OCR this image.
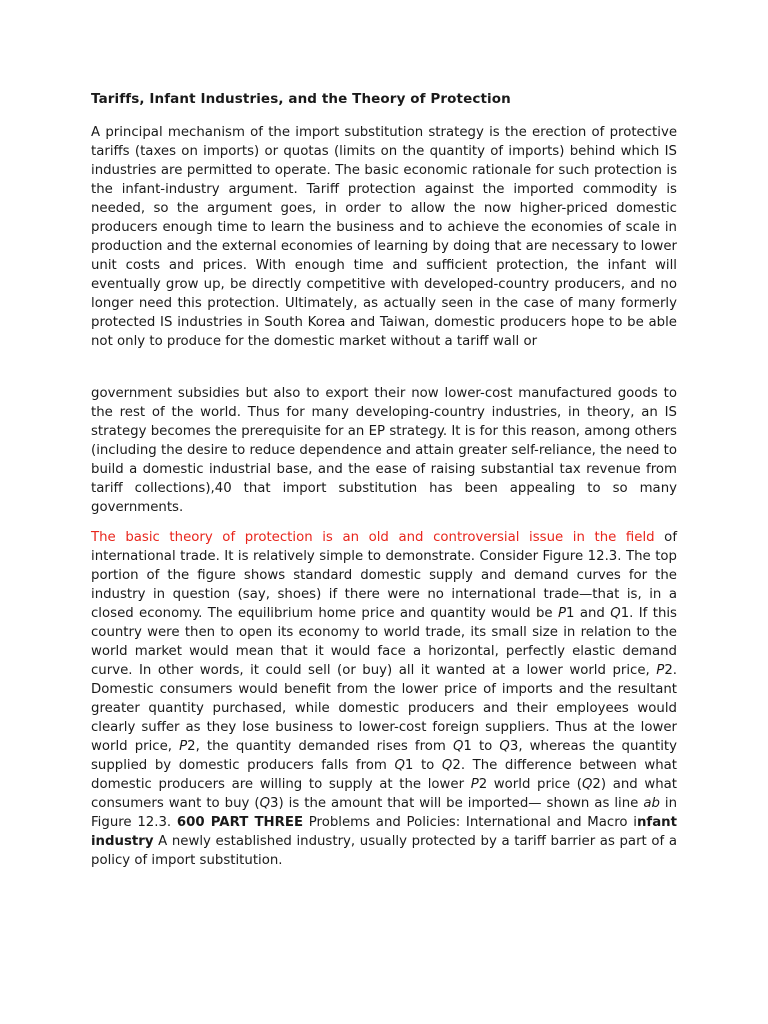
Tariffs, Infant Industries, and the Theory of Protection

A principal mechanism of the import substitution strategy is the erection of protective tariffs (taxes on imports) or quotas (limits on the quantity of imports) behind which IS industries are permitted to operate. The basic economic rationale for such protection is the infant-industry argument. Tariff protection against the imported commodity is needed, so the argument goes, in order to allow the now higher-priced domestic producers enough time to learn the business and to achieve the economies of scale in production and the external economies of learning by doing that are necessary to lower unit costs and prices. With enough time and sufficient protection, the infant will eventually grow up, be directly competitive with developed-country producers, and no longer need this protection. Ultimately, as actually seen in the case of many formerly protected IS industries in South Korea and Taiwan, domestic producers hope to be able not only to produce for the domestic market without a tariff wall or

government subsidies but also to export their now lower-cost manufactured goods to the rest of the world. Thus for many developing-country industries, in theory, an IS strategy becomes the prerequisite for an EP strategy. It is for this reason, among others (including the desire to reduce dependence and attain greater self-reliance, the need to build a domestic industrial base, and the ease of raising substantial tax revenue from tariff collections),40 that import substitution has been appealing to so many governments.

The basic theory of protection is an old and controversial issue in the field of international trade. It is relatively simple to demonstrate. Consider Figure 12.3. The top portion of the figure shows standard domestic supply and demand curves for the industry in question (say, shoes) if there were no international trade—that is, in a closed economy. The equilibrium home price and quantity would be P1 and Q1. If this country were then to open its economy to world trade, its small size in relation to the world market would mean that it would face a horizontal, perfectly elastic demand curve. In other words, it could sell (or buy) all it wanted at a lower world price, P2. Domestic consumers would benefit from the lower price of imports and the resultant greater quantity purchased, while domestic producers and their employees would clearly suffer as they lose business to lower-cost foreign suppliers. Thus at the lower world price, P2, the quantity demanded rises from Q1 to Q3, whereas the quantity supplied by domestic producers falls from Q1 to Q2. The difference between what domestic producers are willing to supply at the lower P2 world price (Q2) and what consumers want to buy (Q3) is the amount that will be imported— shown as line ab in Figure 12.3. 600 PART THREE Problems and Policies: International and Macro infant industry A newly established industry, usually protected by a tariff barrier as part of a policy of import substitution.
